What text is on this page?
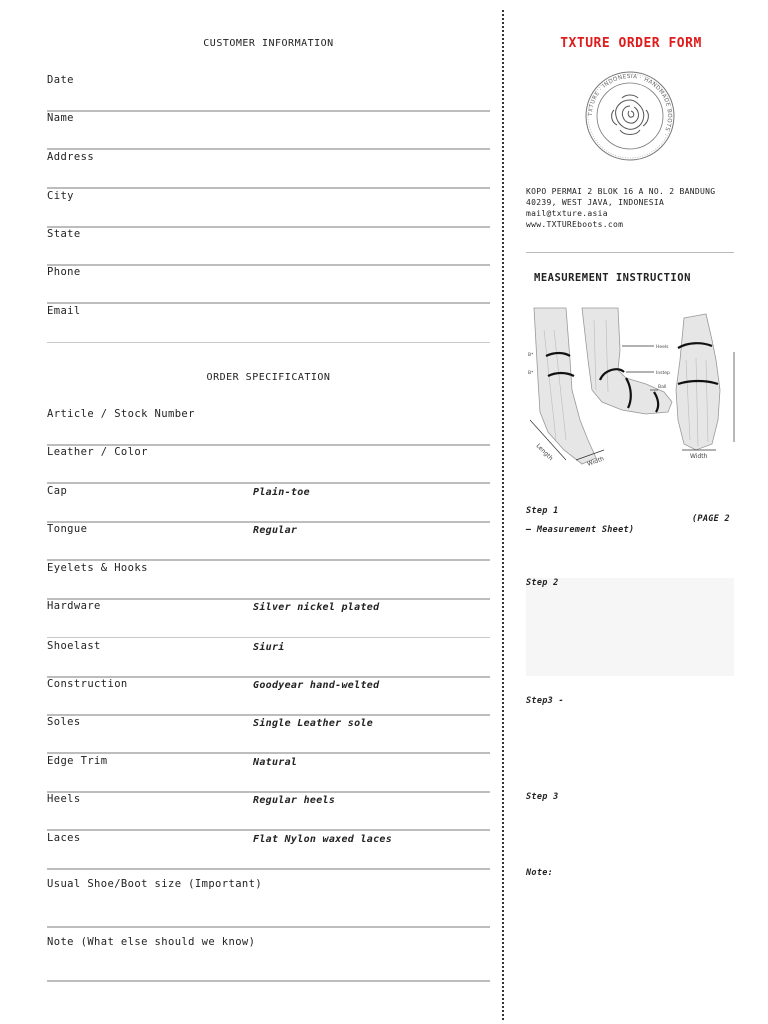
CUSTOMER INFORMATION
Date
Name
Address
City
State
Phone
Email
ORDER SPECIFICATION
Article / Stock Number
Leather / Color
Cap	Plain-toe
Tongue	Regular
Eyelets & Hooks
Hardware	Silver nickel plated
Shoelast	Siuri
Construction	Goodyear hand-welted
Soles	Single Leather sole
Edge Trim	Natural
Heels	Regular heels
Laces	Flat Nylon waxed laces
Usual Shoe/Boot size (Important)
Note (What else should we know)
TXTURE ORDER FORM
TXTURE · INDONESIA · HANDMADE BOOTS ·
KOPO PERMAI 2 BLOK 16 A NO. 2 BANDUNG
40239, WEST JAVA, INDONESIA
mail@txture.asia
www.TXTUREboots.com
MEASUREMENT INSTRUCTION
Heels
Instep
Ball
B*
B*
Length	Width	Width
Step 1
(PAGE 2
— Measurement Sheet)
Step 2
Step3 -
Step 3
Note:
